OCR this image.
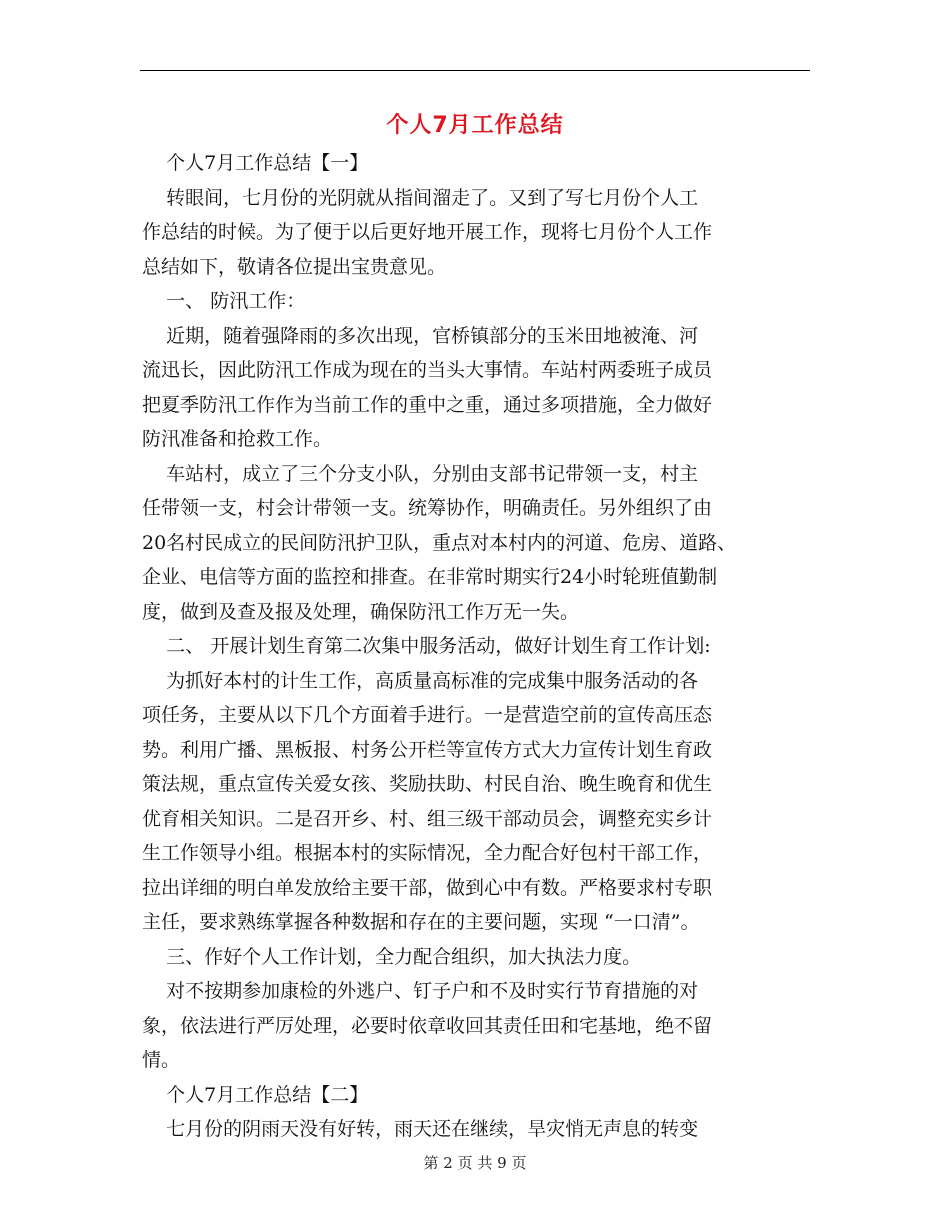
个人7月工作总结
个人7月工作总结【一】
转眼间，七月份的光阴就从指间溜走了。又到了写七月份个人工
作总结的时候。为了便于以后更好地开展工作，现将七月份个人工作
总结如下，敬请各位提出宝贵意见。
一、 防汛工作：
近期，随着强降雨的多次出现，官桥镇部分的玉米田地被淹、河
流迅长，因此防汛工作成为现在的当头大事情。车站村两委班子成员
把夏季防汛工作作为当前工作的重中之重，通过多项措施，全力做好
防汛准备和抢救工作。
车站村，成立了三个分支小队，分别由支部书记带领一支，村主
任带领一支，村会计带领一支。统筹协作，明确责任。另外组织了由
20名村民成立的民间防汛护卫队，重点对本村内的河道、危房、道路、
企业、电信等方面的监控和排查。在非常时期实行24小时轮班值勤制
度，做到及查及报及处理，确保防汛工作万无一失。
二、 开展计划生育第二次集中服务活动，做好计划生育工作计划:
为抓好本村的计生工作，高质量高标准的完成集中服务活动的各
项任务，主要从以下几个方面着手进行。一是营造空前的宣传高压态
势。利用广播、黑板报、村务公开栏等宣传方式大力宣传计划生育政
策法规，重点宣传关爱女孩、奖励扶助、村民自治、晚生晚育和优生
优育相关知识。二是召开乡、村、组三级干部动员会，调整充实乡计
生工作领导小组。根据本村的实际情况，全力配合好包村干部工作，
拉出详细的明白单发放给主要干部，做到心中有数。严格要求村专职
主任，要求熟练掌握各种数据和存在的主要问题，实现 “一口清”。
三、作好个人工作计划，全力配合组织，加大执法力度。
对不按期参加康检的外逃户、钉子户和不及时实行节育措施的对
象，依法进行严厉处理，必要时依章收回其责任田和宅基地，绝不留
情。
个人7月工作总结【二】
七月份的阴雨天没有好转，雨天还在继续，旱灾悄无声息的转变
第 2 页 共 9 页
